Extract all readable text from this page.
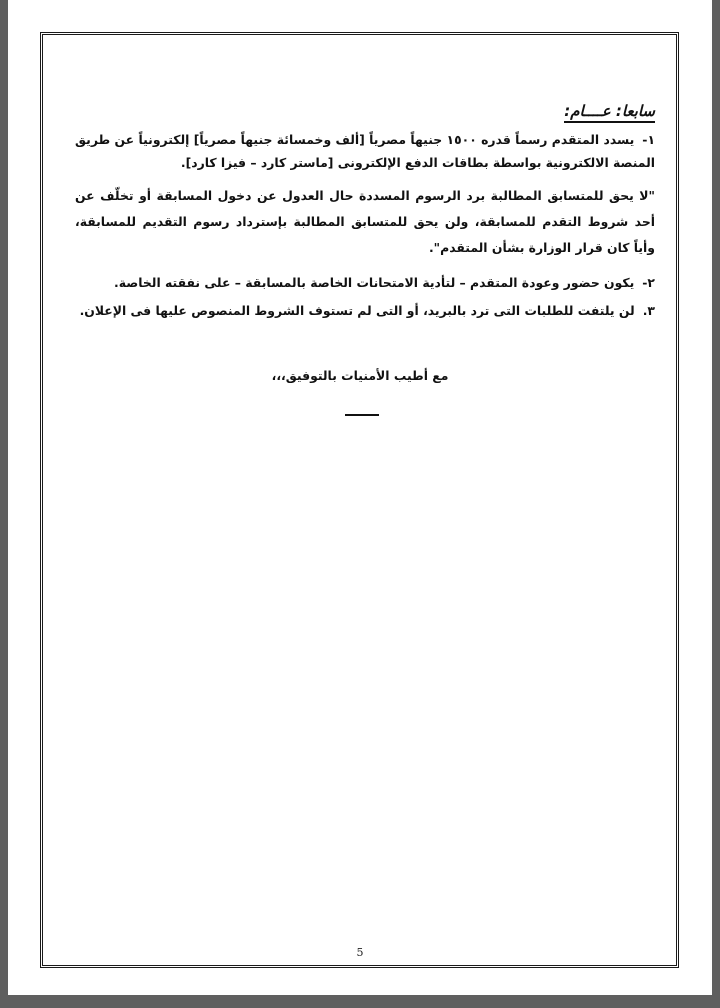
سابعا: عــــام:

١-يسدد المتقدم رسماً قدره ١٥٠٠ جنيهاً مصرياً [ألف وخمسائة جنيهاً مصرياً] إلكترونياً عن طريق المنصة الالكترونية بواسطة بطاقات الدفع الإلكترونى [ماستر كارد – فيزا كارد].

"لا يحق للمتسابق المطالبة برد الرسوم المسددة حال العدول عن دخول المسابقة أو تخلّف عن أحد شروط التقدم للمسابقة، ولن يحق للمتسابق المطالبة بإسترداد رسوم التقديم للمسابقة، وأياً كان قرار الوزارة بشأن المتقدم".

٢-يكون حضور وعودة المتقدم – لتأدية الامتحانات الخاصة بالمسابقة – على نفقته الخاصة.

٣.لن يلتفت للطلبات التى ترد بالبريد، أو التى لم تستوف الشروط المنصوص عليها فى الإعلان.

مع أطيب الأمنيات بالتوفيق،،،
5
